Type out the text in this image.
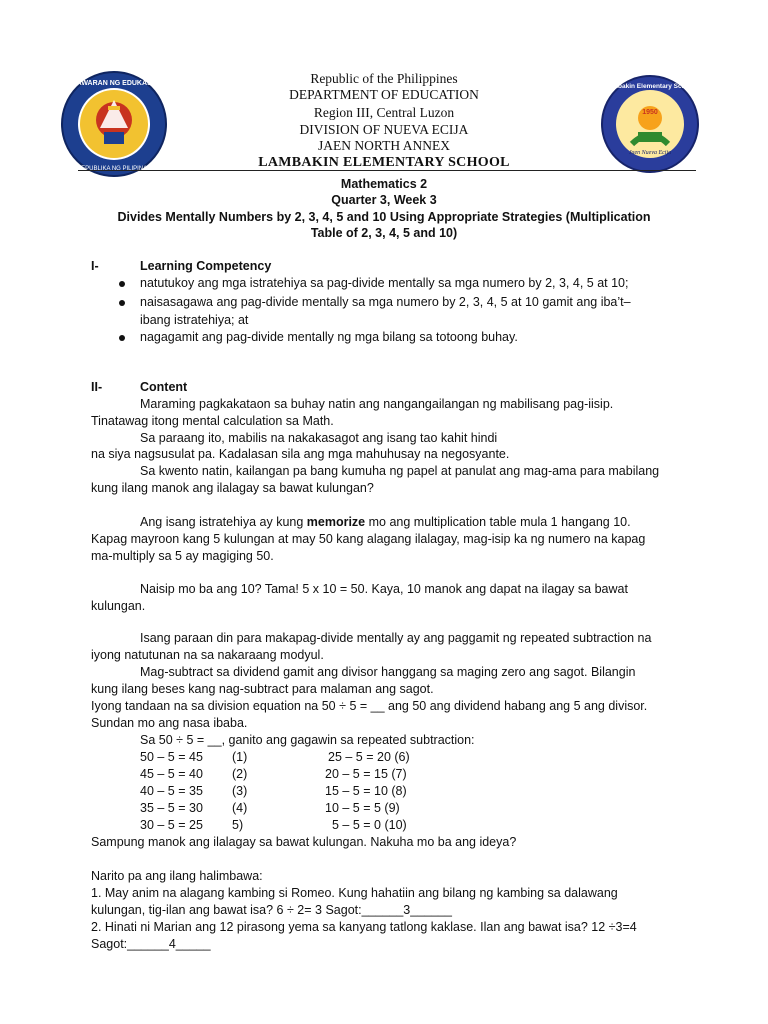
KAGAWARAN NG EDUKASYON
REPUBLIKA NG PILIPINAS
Lambakin Elementary School
1950
Jaen Nueva Ecija
Republic of the Philippines
DEPARTMENT OF EDUCATION
Region III, Central Luzon
DIVISION OF NUEVA ECIJA
JAEN NORTH ANNEX
LAMBAKIN ELEMENTARY SCHOOL
Mathematics 2
Quarter 3, Week 3
Divides Mentally Numbers by 2, 3, 4, 5 and 10 Using Appropriate Strategies (Multiplication
Table of 2, 3, 4, 5 and 10)
I-	Learning Competency
natutukoy ang mga istratehiya sa pag-divide mentally sa mga numero by 2, 3, 4, 5 at 10;
naisasagawa ang pag-divide mentally sa mga numero by 2, 3, 4, 5 at 10 gamit ang iba’t–
ibang istratehiya; at
nagagamit ang pag-divide mentally ng mga bilang sa totoong buhay.
II-	Content
Maraming pagkakataon sa buhay natin ang nangangailangan ng mabilisang pag-iisip.
Tinatawag itong mental calculation sa Math.
Sa paraang ito, mabilis na nakakasagot ang isang tao kahit hindi
na siya nagsusulat pa. Kadalasan sila ang mga mahuhusay na negosyante.
Sa kwento natin, kailangan pa bang kumuha ng papel at panulat ang mag-ama para mabilang
kung ilang manok ang ilalagay sa bawat kulungan?
Ang isang istratehiya ay kung memorize mo ang multiplication table mula 1 hangang 10.
Kapag mayroon kang 5 kulungan at may 50 kang alagang ilalagay, mag-isip ka ng numero na kapag
ma-multiply sa 5 ay magiging 50.
Naisip mo ba ang 10? Tama! 5 x 10 = 50. Kaya, 10 manok ang dapat na ilagay sa bawat
kulungan.
Isang paraan din para makapag-divide mentally ay ang paggamit ng repeated subtraction na
iyong natutunan na sa nakaraang modyul.
Mag-subtract sa dividend gamit ang divisor hanggang sa maging zero ang sagot. Bilangin
kung ilang beses kang nag-subtract para malaman ang sagot.
Iyong tandaan na sa division equation na 50 ÷ 5 = __ ang 50 ang dividend habang ang 5 ang divisor.
Sundan mo ang nasa ibaba.
Sa 50 ÷ 5 = __, ganito ang gagawin sa repeated subtraction:
50 – 5 = 45 (1)
45 – 5 = 40 (2)
40 – 5 = 35 (3)
35 – 5 = 30 (4)
30 – 5 = 25 5)
25 – 5 = 20 (6)
20 – 5 = 15 (7)
15 – 5 = 10 (8)
10 – 5 = 5 (9)
5 – 5 = 0 (10)
Sampung manok ang ilalagay sa bawat kulungan. Nakuha mo ba ang ideya?
Narito pa ang ilang halimbawa:
1. May anim na alagang kambing si Romeo. Kung hahatiin ang bilang ng kambing sa dalawang
kulungan, tig-ilan ang bawat isa? 6 ÷ 2= 3 Sagot:______3______
2. Hinati ni Marian ang 12 pirasong yema sa kanyang tatlong kaklase. Ilan ang bawat isa? 12 ÷3=4
Sagot:______4_____
